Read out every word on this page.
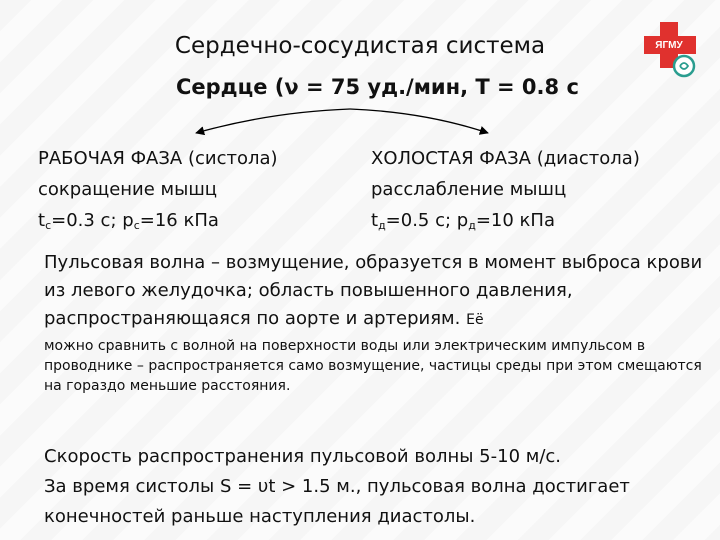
ЯГМУ
Сердечно-сосудистая система
Сердце (ν = 75 уд./мин, T = 0.8 с
РАБОЧАЯ ФАЗА (систола)
сокращение мышц
$t_с=0.3$ с; $p_с=16$ кПа
ХОЛОСТАЯ ФАЗА (диастола)
расслабление мышц
$t_д=0.5$ с; $p_д=10$ кПа
Пульсовая волна – возмущение, образуется в момент выброса крови из левого желудочка; область повышенного давления, распространяющаяся по аорте и артериям. Её
можно сравнить с волной на поверхности воды или электрическим импульсом в проводнике – распространяется само возмущение, частицы среды при этом смещаются на гораздо меньшие расстояния.
Скорость распространения пульсовой волны 5-10 м/с.
За время систолы S = υt > 1.5 м., пульсовая волна достигает
конечностей раньше наступления диастолы.
